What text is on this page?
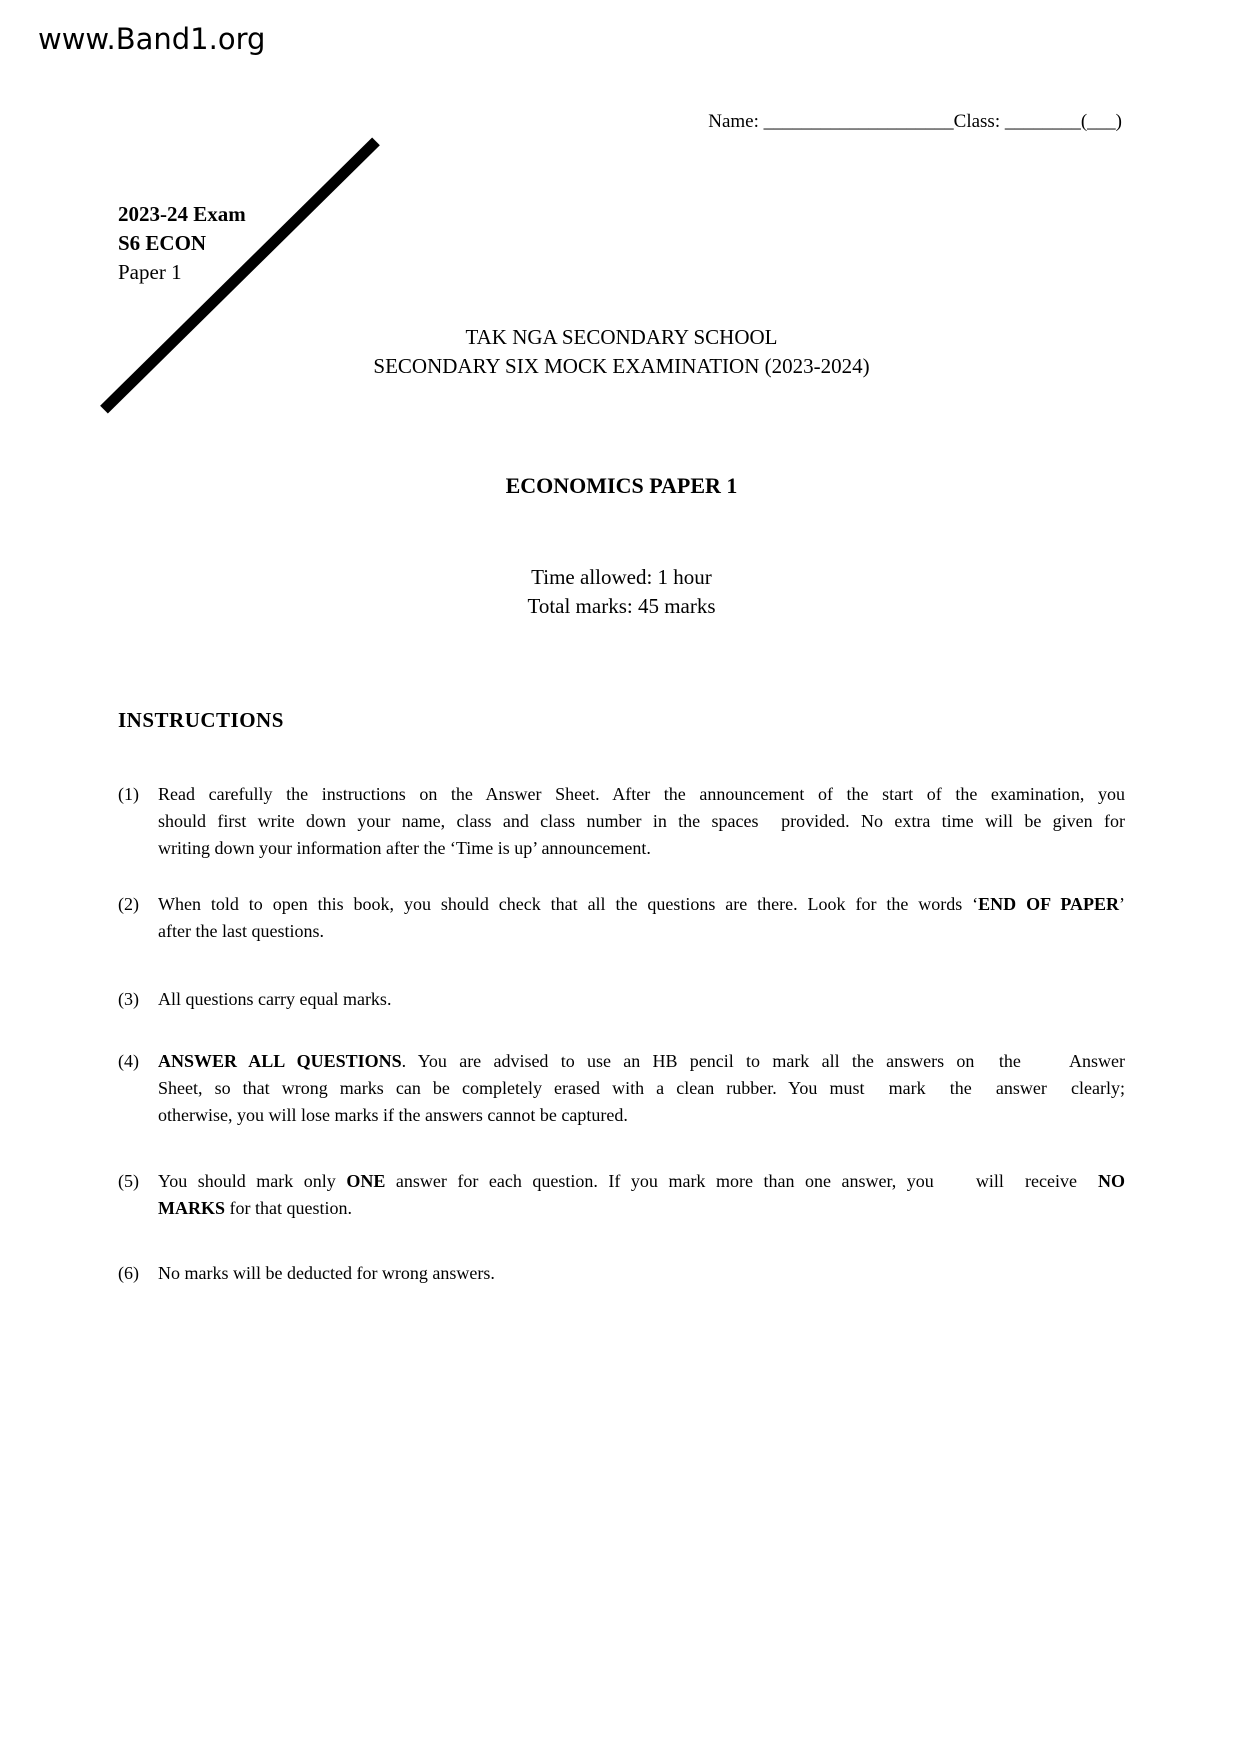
www.Band1.org
Name: ____________________Class: ________(___)
2023-24 Exam
S6 ECON
Paper 1
TAK NGA SECONDARY SCHOOL
SECONDARY SIX MOCK EXAMINATION (2023-2024)
ECONOMICS PAPER 1
Time allowed: 1 hour
Total marks: 45 marks
INSTRUCTIONS
(1)	Read carefully the instructions on the Answer Sheet. After the announcement of the start of the examination, you
should first write down your name, class and class number in the spaces  provided. No extra time will be given for
writing down your information after the ‘Time is up’ announcement.
(2)	When told to open this book, you should check that all the questions are there. Look for the words ‘END OF PAPER’
after the last questions.
(3)	All questions carry equal marks.
(4)	ANSWER ALL QUESTIONS. You are advised to use an HB pencil to mark all the answers on  the    Answer
Sheet, so that wrong marks can be completely erased with a clean rubber. You must  mark  the  answer  clearly;
otherwise, you will lose marks if the answers cannot be captured.
(5)	You should mark only ONE answer for each question. If you mark more than one answer, you    will  receive  NO
MARKS for that question.
(6)	No marks will be deducted for wrong answers.
